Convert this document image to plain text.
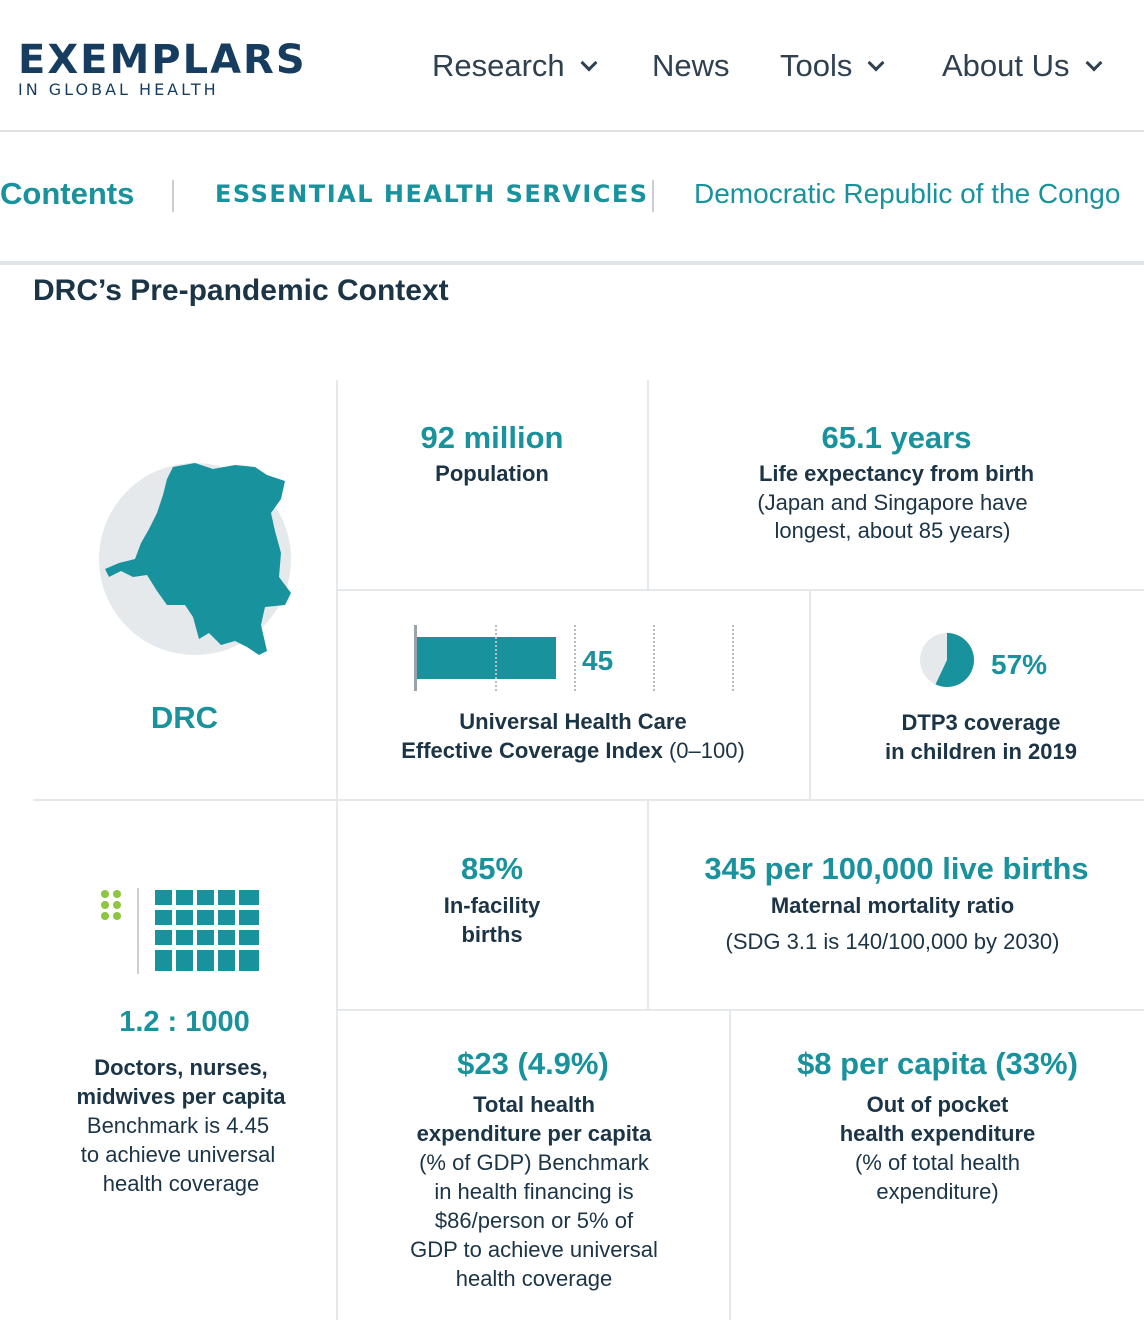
EXEMPLARS
IN GLOBAL HEALTH
Research	News Tools	About Us
Contents	ESSENTIAL HEALTH SERVICES Democratic Republic of the Congo
DRC’s Pre-pandemic Context
DRC
92 million
Population
65.1 years
Life expectancy from birth
(Japan and Singapore have
longest, about 85 years)
45
Universal Health Care
Effective Coverage Index (0–100)
57%
DTP3 coverage
in children in 2019
1.2 : 1000
Doctors, nurses,
midwives per capita
Benchmark is 4.45
to achieve universal
health coverage
85%
In-facility
births
345 per 100,000 live births
Maternal mortality ratio
(SDG 3.1 is 140/100,000 by 2030)
$23 (4.9%)
Total health
expenditure per capita
(% of GDP) Benchmark
in health financing is
$86/person or 5% of
GDP to achieve universal
health coverage
$8 per capita (33%)
Out of pocket
health expenditure
(% of total health
expenditure)
